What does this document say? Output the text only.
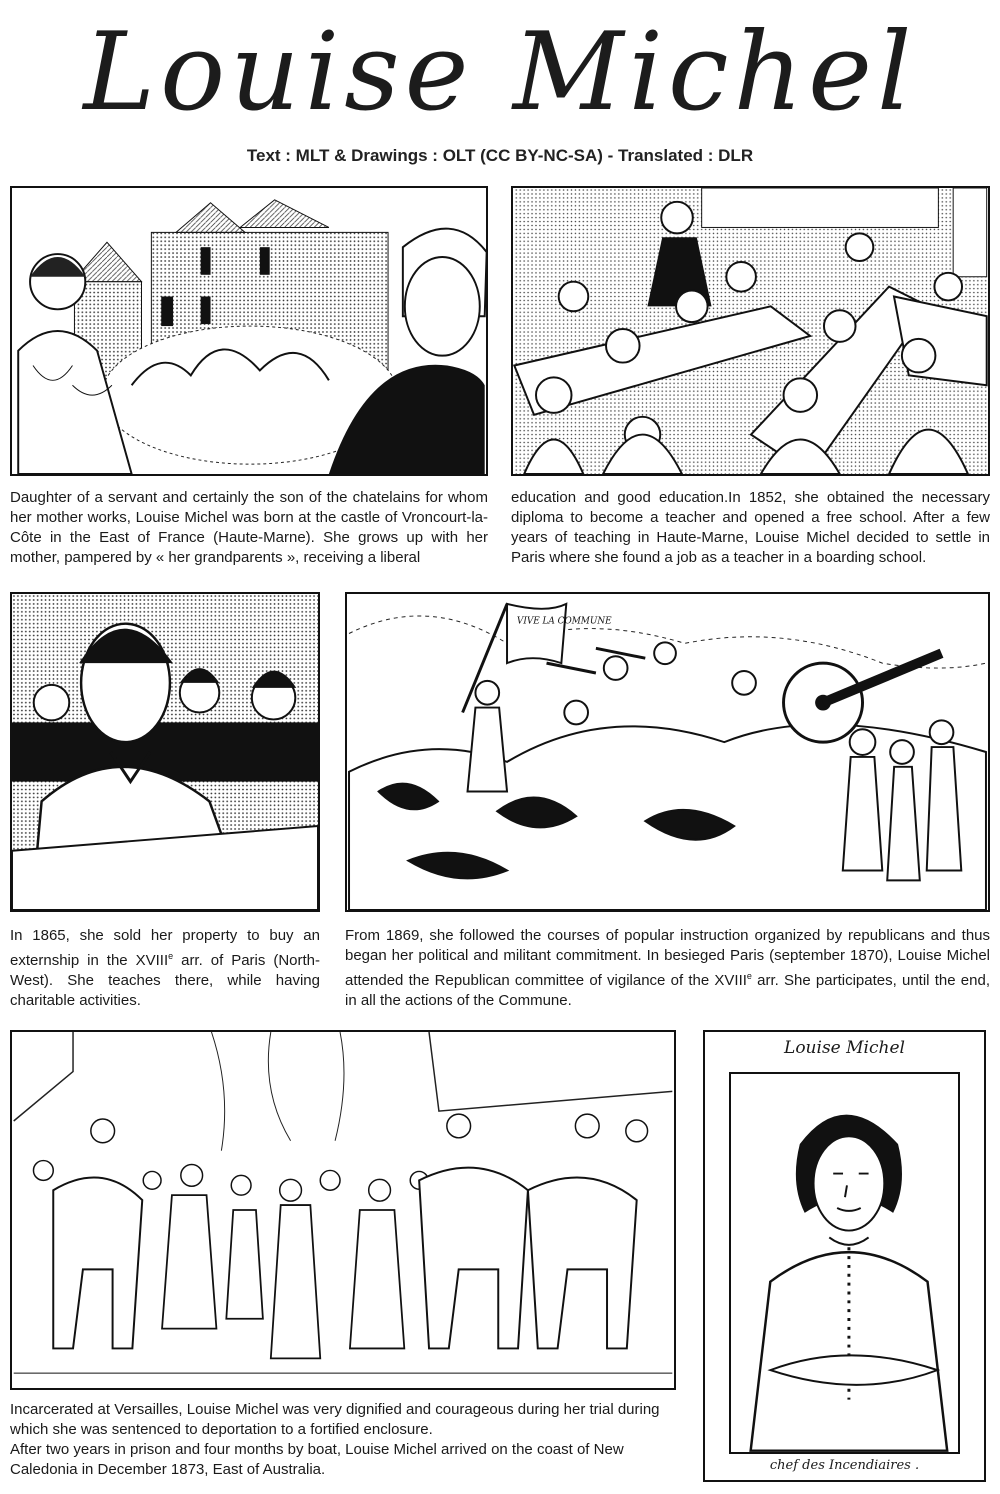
Louise Michel
Text : MLT & Drawings : OLT (CC BY-NC-SA) - Translated : DLR

Daughter of a servant and certainly the son of the chatelains for whom her mother works, Louise Michel was born at the castle of Vroncourt-la-Côte in the East of France (Haute-Marne). She grows up with her mother, pampered by « her grandparents », receiving a liberal

education and good education.In 1852, she obtained the necessary diploma to become a teacher and opened a free school. After a few years of teaching in Haute-Marne, Louise Michel decided to settle in Paris where she found a job as a teacher in a boarding school.

VIVE LA COMMUNE

In 1865, she sold her property to buy an externship in the XVIIIe arr. of Paris (North-West). She teaches there, while having charitable activities.

From 1869, she followed the courses of popular instruction organized by republicans and thus began her political and militant commitment. In besieged Paris (september 1870), Louise Michel attended the Republican committee of vigilance of the XVIIIe arr. She participates, until the end, in all the actions of the Commune.

Incarcerated at Versailles, Louise Michel was very dignified and courageous during her trial during which she was sentenced to deportation to a fortified enclosure.

After two years in prison and four months by boat, Louise Michel arrived on the coast of New Caledonia in December 1873, East of Australia.

Louise Michel
chef des Incendiaires .
